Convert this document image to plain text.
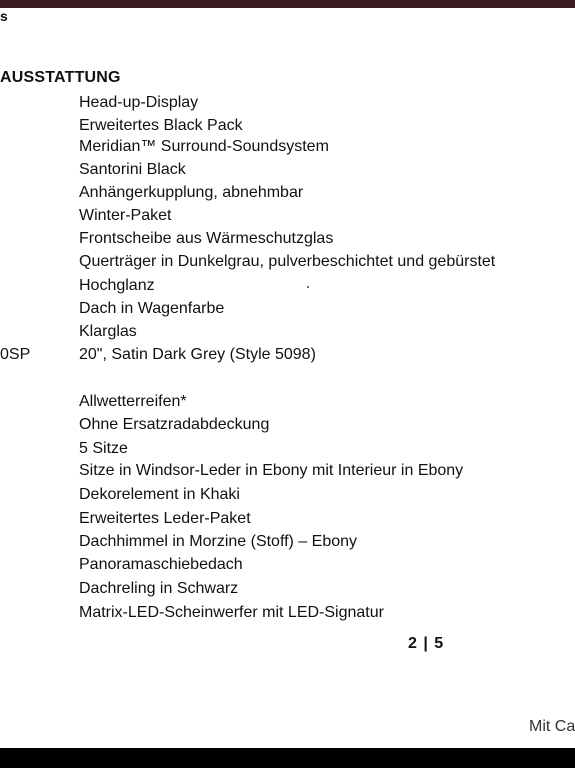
s
AUSSTATTUNG
Head-up-Display
Erweitertes Black Pack
Meridian™ Surround-Soundsystem
Santorini Black
Anhängerkupplung, abnehmbar
Winter-Paket
Frontscheibe aus Wärmeschutzglas
Querträger in Dunkelgrau, pulverbeschichtet und gebürstet
Hochglanz
Dach in Wagenfarbe
Klarglas
0SP	20", Satin Dark Grey (Style 5098)
Allwetterreifen*
Ohne Ersatzradabdeckung
5 Sitze
Sitze in Windsor-Leder in Ebony mit Interieur in Ebony
Dekorelement in Khaki
Erweitertes Leder-Paket
Dachhimmel in Morzine (Stoff) – Ebony
Panoramaschiebedach
Dachreling in Schwarz
Matrix-LED-Scheinwerfer mit LED-Signatur
2 | 5
Mit Ca
